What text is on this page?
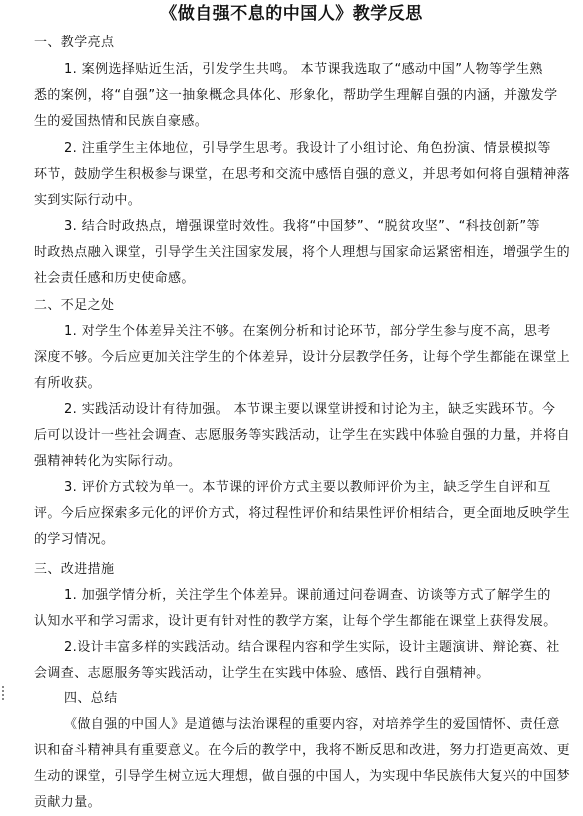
《做自强不息的中国人》教学反思
一、教学亮点
1. 案例选择贴近生活，引发学生共鸣。 本节课我选取了“感动中国”人物等学生熟
悉的案例，将“自强”这一抽象概念具体化、形象化，帮助学生理解自强的内涵，并激发学
生的爱国热情和民族自豪感。
2. 注重学生主体地位，引导学生思考。我设计了小组讨论、角色扮演、情景模拟等
环节，鼓励学生积极参与课堂，在思考和交流中感悟自强的意义，并思考如何将自强精神落
实到实际行动中。
3. 结合时政热点，增强课堂时效性。我将“中国梦”、“脱贫攻坚”、“科技创新”等
时政热点融入课堂，引导学生关注国家发展，将个人理想与国家命运紧密相连，增强学生的
社会责任感和历史使命感。
二、不足之处
1. 对学生个体差异关注不够。在案例分析和讨论环节，部分学生参与度不高，思考
深度不够。今后应更加关注学生的个体差异，设计分层教学任务，让每个学生都能在课堂上
有所收获。
2. 实践活动设计有待加强。 本节课主要以课堂讲授和讨论为主，缺乏实践环节。今
后可以设计一些社会调查、志愿服务等实践活动，让学生在实践中体验自强的力量，并将自
强精神转化为实际行动。
3. 评价方式较为单一。本节课的评价方式主要以教师评价为主，缺乏学生自评和互
评。今后应探索多元化的评价方式，将过程性评价和结果性评价相结合，更全面地反映学生
的学习情况。
三、改进措施
1. 加强学情分析，关注学生个体差异。课前通过问卷调查、访谈等方式了解学生的
认知水平和学习需求，设计更有针对性的教学方案，让每个学生都能在课堂上获得发展。
2.设计丰富多样的实践活动。结合课程内容和学生实际，设计主题演讲、辩论赛、社
会调查、志愿服务等实践活动，让学生在实践中体验、感悟、践行自强精神。
四、总结
《做自强的中国人》是道德与法治课程的重要内容，对培养学生的爱国情怀、责任意
识和奋斗精神具有重要意义。在今后的教学中，我将不断反思和改进，努力打造更高效、更
生动的课堂，引导学生树立远大理想，做自强的中国人，为实现中华民族伟大复兴的中国梦
贡献力量。
